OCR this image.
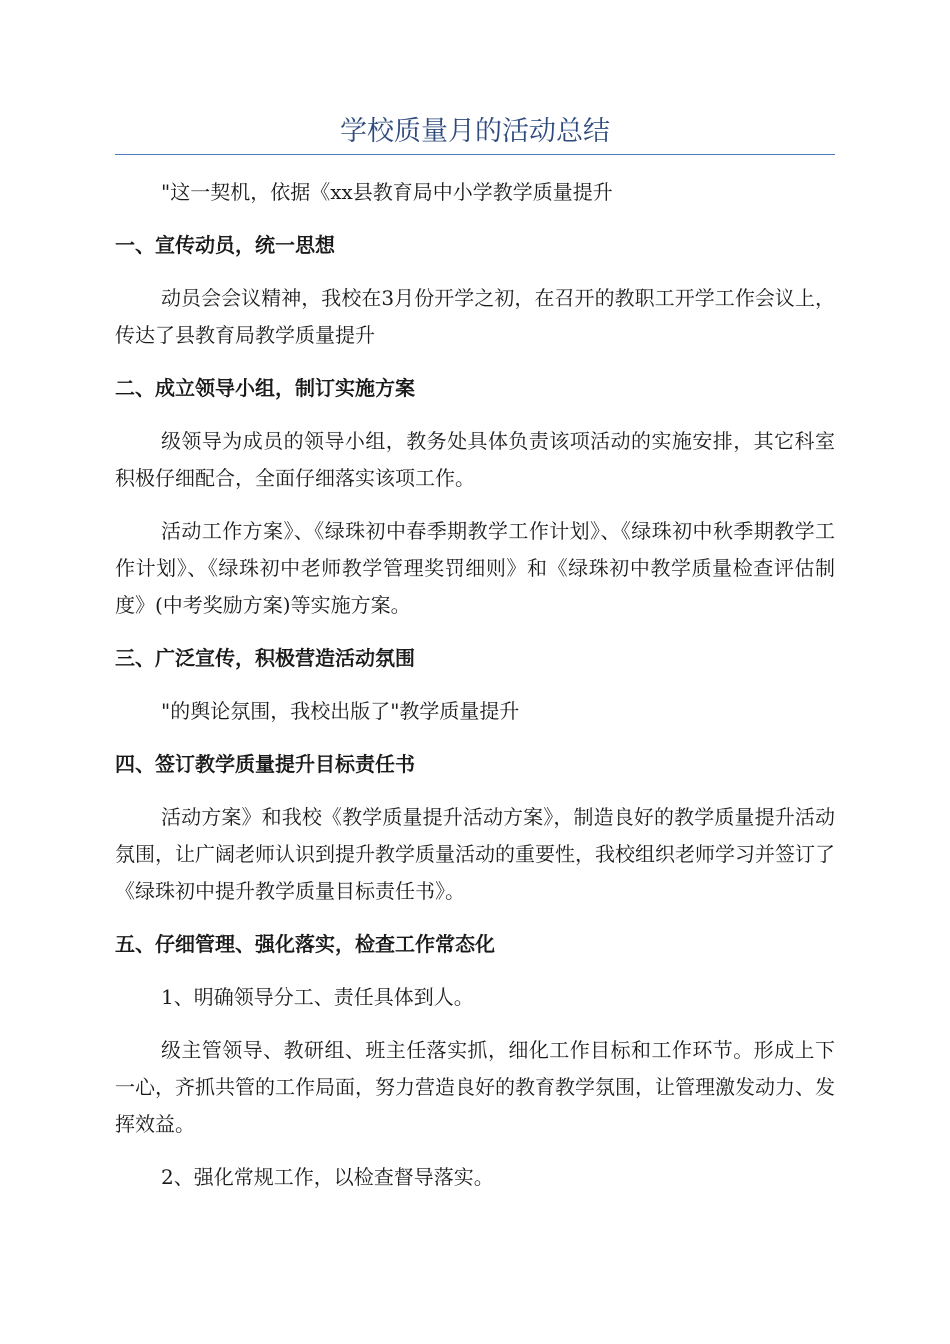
学校质量月的活动总结

"这一契机，依据《xx县教育局中小学教学质量提升

一、宣传动员，统一思想

动员会会议精神，我校在3月份开学之初，在召开的教职工开学工作会议上，传达了县教育局教学质量提升

二、成立领导小组，制订实施方案

级领导为成员的领导小组，教务处具体负责该项活动的实施安排，其它科室积极仔细配合，全面仔细落实该项工作。

活动工作方案》、《绿珠初中春季期教学工作计划》、《绿珠初中秋季期教学工作计划》、《绿珠初中老师教学管理奖罚细则》和《绿珠初中教学质量检查评估制度》(中考奖励方案)等实施方案。

三、广泛宣传，积极营造活动氛围

"的舆论氛围，我校出版了"教学质量提升

四、签订教学质量提升目标责任书

活动方案》和我校《教学质量提升活动方案》，制造良好的教学质量提升活动氛围，让广阔老师认识到提升教学质量活动的重要性，我校组织老师学习并签订了《绿珠初中提升教学质量目标责任书》。

五、仔细管理、强化落实，检查工作常态化

1、明确领导分工、责任具体到人。

级主管领导、教研组、班主任落实抓，细化工作目标和工作环节。形成上下一心，齐抓共管的工作局面，努力营造良好的教育教学氛围，让管理激发动力、发挥效益。

2、强化常规工作，以检查督导落实。
